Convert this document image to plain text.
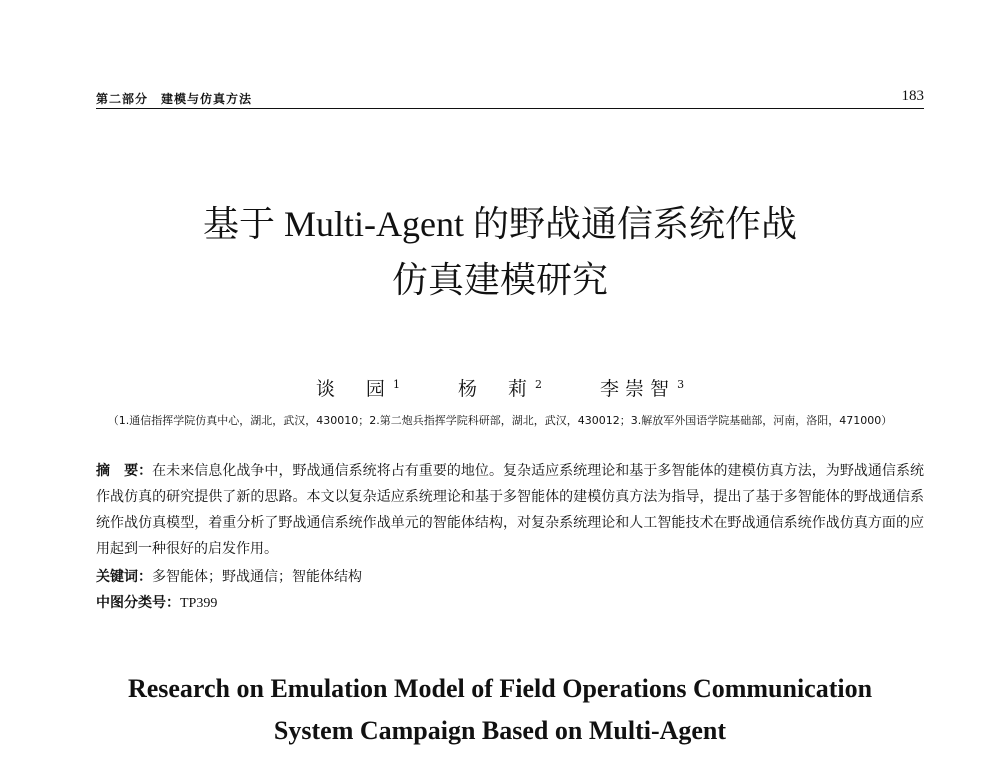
第二部分　建模与仿真方法	183
基于 Multi-Agent 的野战通信系统作战
仿真建模研究
谈　园 $^1$	杨　莉 $^2$	李崇智 $^3$
（1.通信指挥学院仿真中心，湖北，武汉，430010；2.第二炮兵指挥学院科研部，湖北，武汉，430012；3.解放军外国语学院基础部，河南，洛阳，471000）
摘　要：在未来信息化战争中，野战通信系统将占有重要的地位。复杂适应系统理论和基于多智能体的建模仿真方法，为野战通信系统作战仿真的研究提供了新的思路。本文以复杂适应系统理论和基于多智能体的建模仿真方法为指导，提出了基于多智能体的野战通信系统作战仿真模型，着重分析了野战通信系统作战单元的智能体结构，对复杂系统理论和人工智能技术在野战通信系统作战仿真方面的应用起到一种很好的启发作用。
关键词：多智能体；野战通信；智能体结构
中图分类号：TP399
Research on Emulation Model of Field Operations Communication
System Campaign Based on Multi-Agent
